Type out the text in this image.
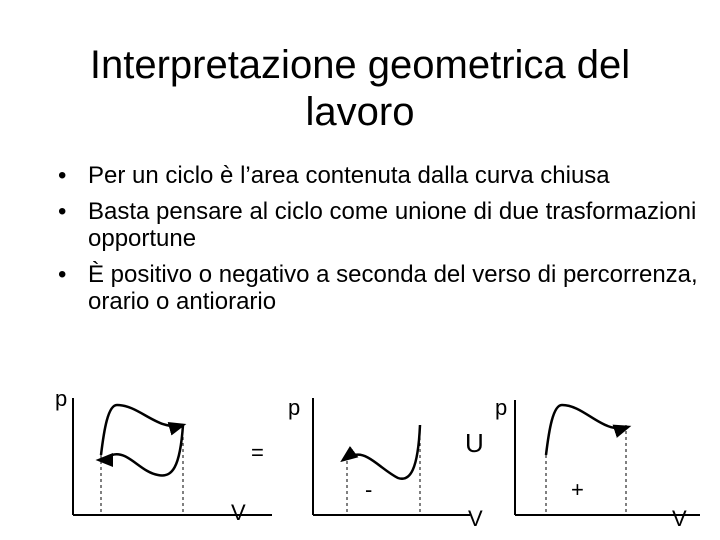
Interpretazione geometrica del
lavoro
• Per un ciclo è l’area contenuta dalla curva chiusa
• Basta pensare al ciclo come unione di due trasformazioni opportune
• È positivo o negativo a seconda del verso di percorrenza, orario o antiorario
p
V
=
p
-
U
V
p
+
V
